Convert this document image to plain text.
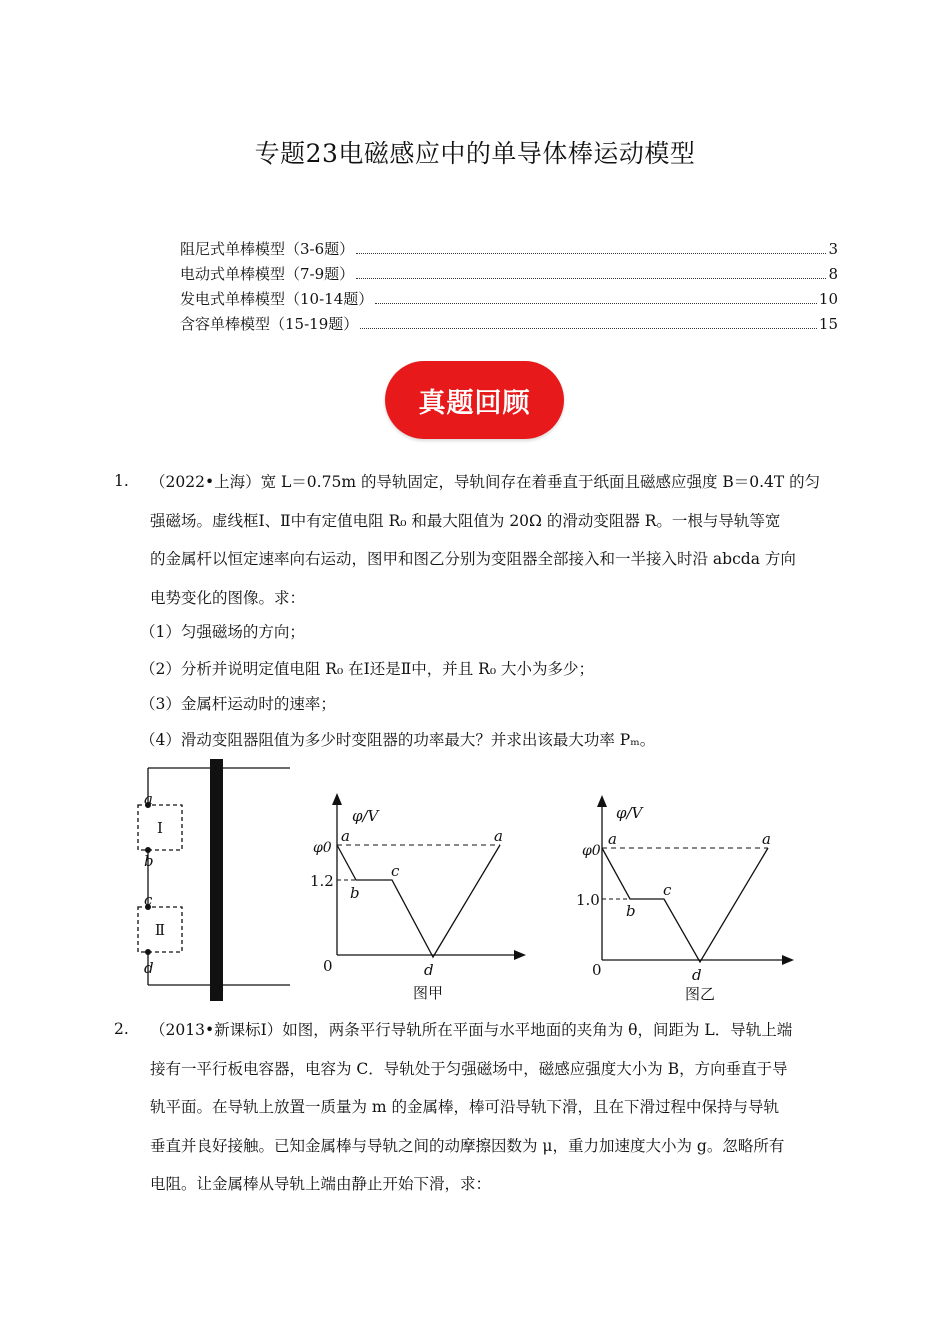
专题23电磁感应中的单导体棒运动模型
阻尼式单棒模型（3-6题）	3
电动式单棒模型（7-9题）	8
发电式单棒模型（10-14题）	10
含容单棒模型（15-19题）	15
真题回顾
1. （2022•上海）宽 L＝0.75m 的导轨固定，导轨间存在着垂直于纸面且磁感应强度 B＝0.4T 的匀
强磁场。虚线框Ⅰ、Ⅱ中有定值电阻 R₀ 和最大阻值为 20Ω 的滑动变阻器 R。一根与导轨等宽
的金属杆以恒定速率向右运动，图甲和图乙分别为变阻器全部接入和一半接入时沿 abcda 方向
电势变化的图像。求：
（1）匀强磁场的方向；
（2）分析并说明定值电阻 R₀ 在Ⅰ还是Ⅱ中，并且 R₀ 大小为多少；
（3）金属杆运动时的速率；
（4）滑动变阻器阻值为多少时变阻器的功率最大？并求出该最大功率 Pₘ。
a
b
c
d
Ⅰ
Ⅱ
φ/V
φ0
1.2
0
a
b
c
d
a
图甲
φ/V
φ0
1.0
0
a
b
c
d
a
图乙
2. （2013•新课标Ⅰ）如图，两条平行导轨所在平面与水平地面的夹角为 θ，间距为 L．导轨上端
接有一平行板电容器，电容为 C．导轨处于匀强磁场中，磁感应强度大小为 B，方向垂直于导
轨平面。在导轨上放置一质量为 m 的金属棒，棒可沿导轨下滑，且在下滑过程中保持与导轨
垂直并良好接触。已知金属棒与导轨之间的动摩擦因数为 μ，重力加速度大小为 g。忽略所有
电阻。让金属棒从导轨上端由静止开始下滑，求：
